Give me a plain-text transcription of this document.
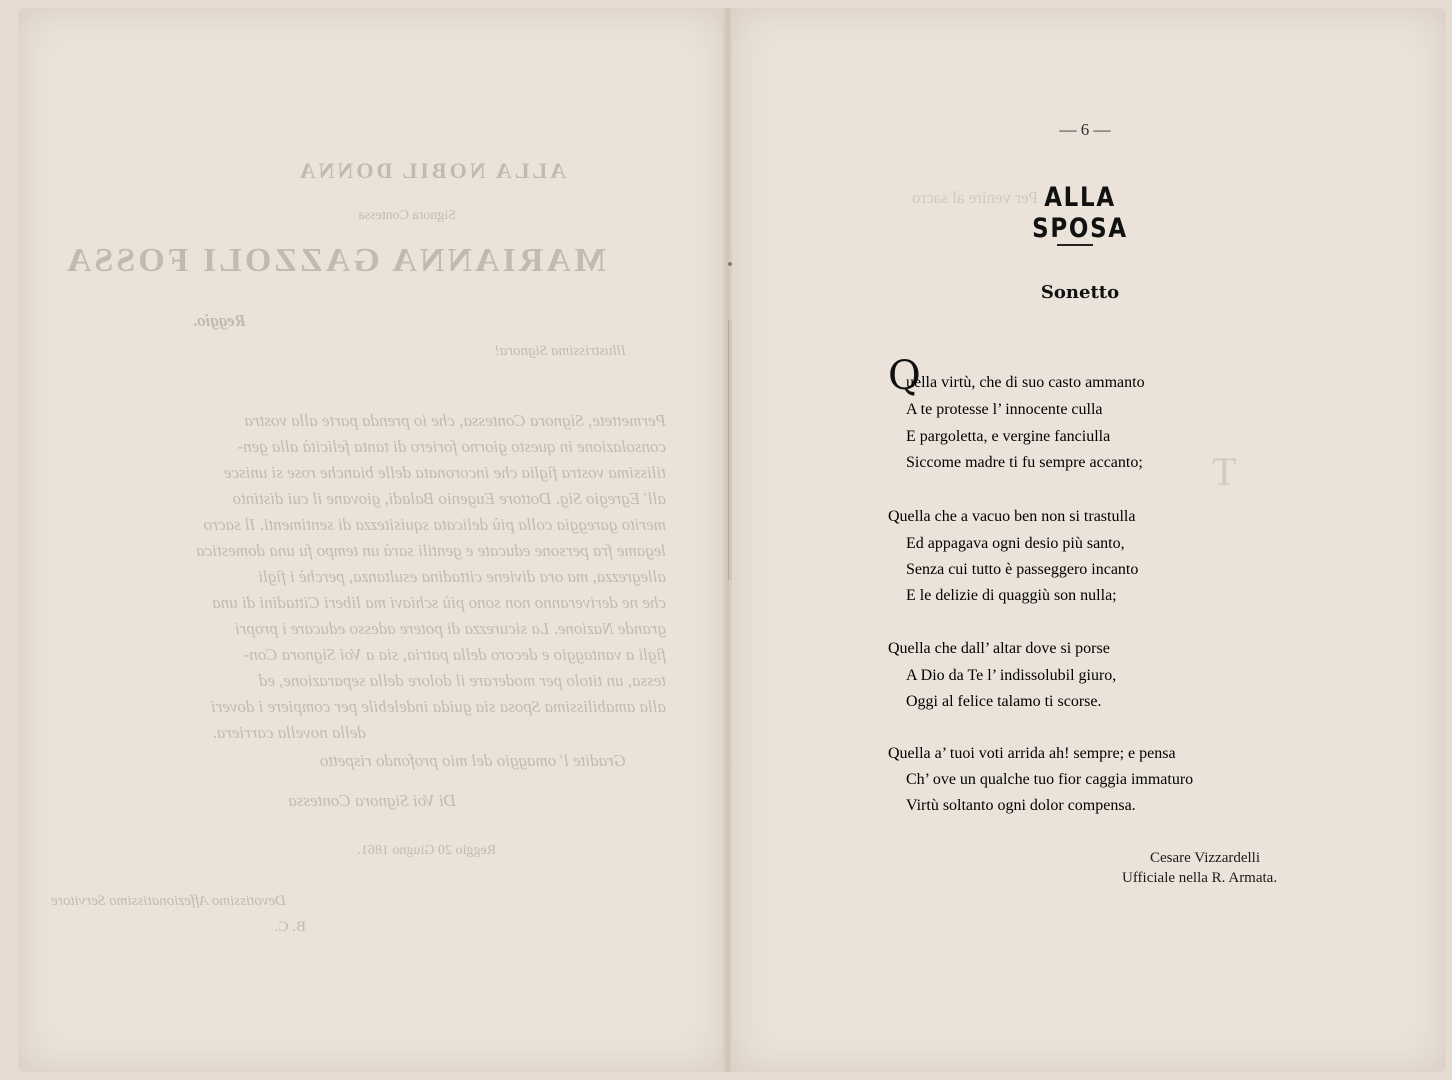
ALLA NOBIL DONNA
Signora Contessa
MARIANNA GAZZOLI FOSSA
Reggio.
Illustrissima Signora!
Permettete, Signora Contessa, che io prenda parte alla vostra
consolazione in questo giorno foriero di tanta felicità alla gen-
tilissima vostra figlia che incoronata delle bianche rose si unisce
all' Egregio Sig. Dottore Eugenio Baladi, giovane il cui distinto
merito gareggia colla più delicata squisitezza di sentimenti. Il sacro
legame fra persone educate e gentili sarà un tempo fu una domestica
allegrezza, ma ora diviene cittadina esultanza, perchè i figli
che ne deriveranno non sono più schiavi ma liberi Cittadini di una
grande Nazione. La sicurezza di potere adesso educare i propri
figli a vantaggio e decoro della patria, sia a Voi Signora Con-
tessa, un titolo per moderare il dolore della separazione, ed
alla amabilissima Sposa sia guida indelebile per compiere i doveri
della novella carriera.
Gradite l' omaggio del mio profondo rispetto
Di Voi Signora Contessa
Reggio 20 Giugno 1861.
Devotissimo Affezionatissimo Servitore
B. C.
Per venire al sacro
T
— 6 —
ALLA SPOSA
Sonetto
Q
uella virtù, che di suo casto ammanto
A te protesse l’ innocente culla
E pargoletta, e vergine fanciulla
Siccome madre ti fu sempre accanto;
Quella che a vacuo ben non si trastulla
Ed appagava ogni desio più santo,
Senza cui tutto è passeggero incanto
E le delizie di quaggiù son nulla;
Quella che dall’ altar dove si porse
A Dio da Te l’ indissolubil giuro,
Oggi al felice talamo ti scorse.
Quella a’ tuoi voti arrida ah! sempre; e pensa
Ch’ ove un qualche tuo fior caggia immaturo
Virtù soltanto ogni dolor compensa.
Cesare Vizzardelli
Ufficiale nella R. Armata.
